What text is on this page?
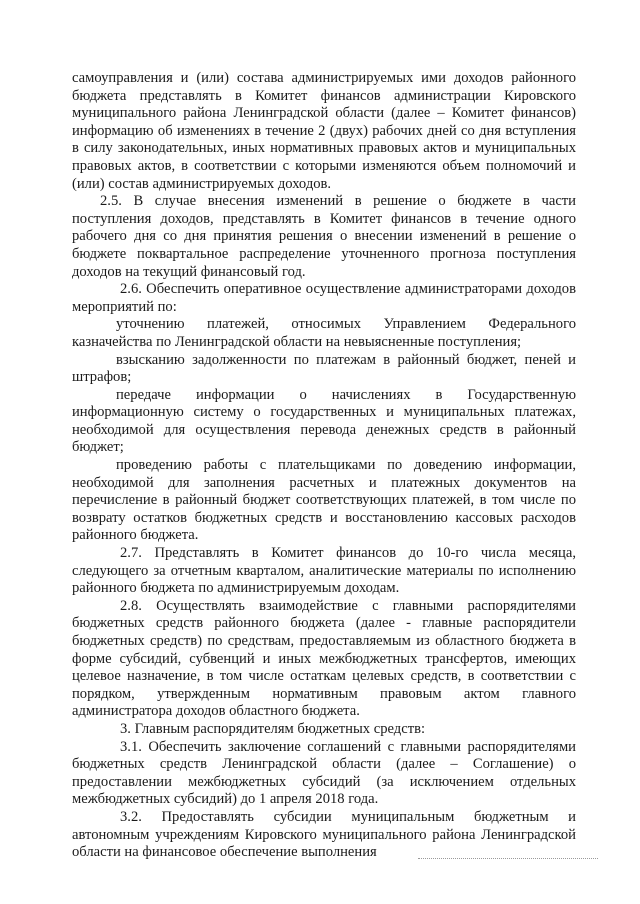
самоуправления и (или) состава администрируемых ими доходов районного бюджета представлять в Комитет финансов администрации Кировского муниципального района Ленинградской области (далее – Комитет финансов) информацию об изменениях в течение 2 (двух) рабочих дней со дня вступления в силу законодательных, иных нормативных правовых актов и муниципальных правовых актов, в соответствии с которыми изменяются объем полномочий и (или) состав администрируемых доходов.

2.5. В случае внесения изменений в решение о бюджете в части поступления доходов, представлять в Комитет финансов в течение одного рабочего дня со дня принятия решения о внесении изменений в решение о бюджете поквартальное распределение уточненного прогноза поступления доходов на текущий финансовый год.

2.6. Обеспечить оперативное осуществление администраторами доходов мероприятий по:

уточнению платежей, относимых Управлением Федерального казначейства по Ленинградской области на невыясненные поступления;

взысканию задолженности по платежам в районный бюджет, пеней и штрафов;

передаче информации о начислениях в Государственную информационную систему о государственных и муниципальных платежах, необходимой для осуществления перевода денежных средств в районный бюджет;

проведению работы с плательщиками по доведению информации, необходимой для заполнения расчетных и платежных документов на перечисление в районный бюджет соответствующих платежей, в том числе по возврату остатков бюджетных средств и восстановлению кассовых расходов районного бюджета.

2.7. Представлять в Комитет финансов до 10-го числа месяца, следующего за отчетным кварталом, аналитические материалы по исполнению районного бюджета по администрируемым доходам.

2.8. Осуществлять взаимодействие с главными распорядителями бюджетных средств районного бюджета (далее - главные распорядители бюджетных средств) по средствам, предоставляемым из областного бюджета в форме субсидий, субвенций и иных межбюджетных трансфертов, имеющих целевое назначение, в том числе остаткам целевых средств, в соответствии с порядком, утвержденным нормативным правовым актом главного администратора доходов областного бюджета.

3. Главным распорядителям бюджетных средств:

3.1. Обеспечить заключение соглашений с главными распорядителями бюджетных средств Ленинградской области (далее – Соглашение) о предоставлении межбюджетных субсидий (за исключением отдельных межбюджетных субсидий) до 1 апреля 2018 года.

3.2. Предоставлять субсидии муниципальным бюджетным и автономным учреждениям Кировского муниципального района Ленинградской области на финансовое обеспечение выполнения
